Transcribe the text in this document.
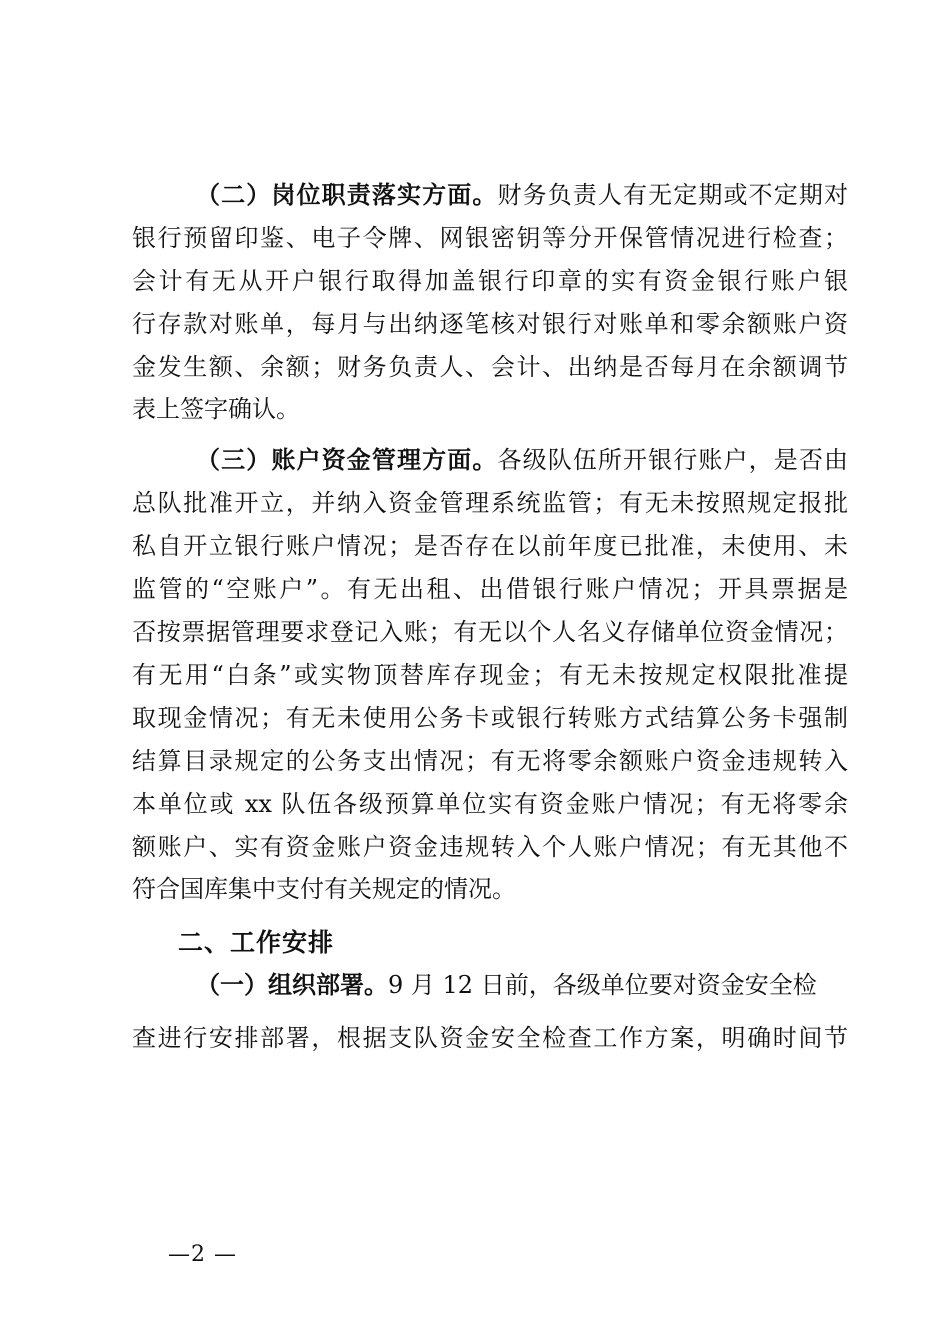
（二）岗位职责落实方面。财务负责人有无定期或不定期对
银行预留印鉴、电子令牌、网银密钥等分开保管情况进行检查；
会计有无从开户银行取得加盖银行印章的实有资金银行账户银
行存款对账单，每月与出纳逐笔核对银行对账单和零余额账户资
金发生额、余额；财务负责人、会计、出纳是否每月在余额调节
表上签字确认。
（三）账户资金管理方面。各级队伍所开银行账户，是否由
总队批准开立，并纳入资金管理系统监管；有无未按照规定报批
私自开立银行账户情况；是否存在以前年度已批准，未使用、未
监管的“空账户”。有无出租、出借银行账户情况；开具票据是
否按票据管理要求登记入账；有无以个人名义存储单位资金情况；
有无用“白条”或实物顶替库存现金；有无未按规定权限批准提
取现金情况；有无未使用公务卡或银行转账方式结算公务卡强制
结算目录规定的公务支出情况；有无将零余额账户资金违规转入
本单位或 xx 队伍各级预算单位实有资金账户情况；有无将零余
额账户、实有资金账户资金违规转入个人账户情况；有无其他不
符合国库集中支付有关规定的情况。
二、工作安排
（一）组织部署。9 月 12 日前，各级单位要对资金安全检
查进行安排部署，根据支队资金安全检查工作方案，明确时间节
—2 —
